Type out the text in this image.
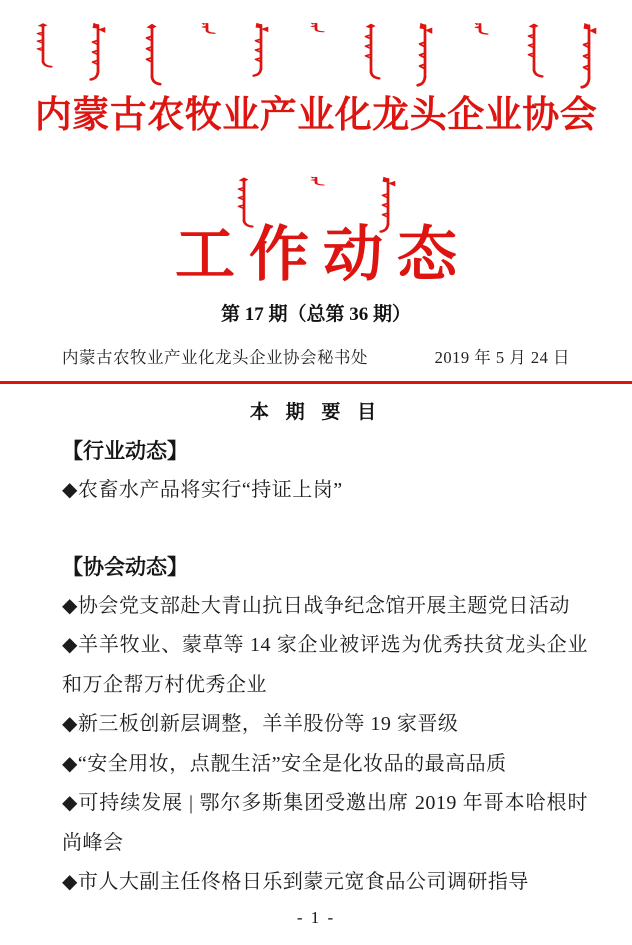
内蒙古农牧业产业化龙头企业协会
工作动态
第 17 期（总第 36 期）
内蒙古农牧业产业化龙头企业协会秘书处	2019 年 5 月 24 日
本 期 要 目
【行业动态】
◆农畜水产品将实行“持证上岗”
【协会动态】
◆协会党支部赴大青山抗日战争纪念馆开展主题党日活动
◆羊羊牧业、蒙草等 14 家企业被评选为优秀扶贫龙头企业和万企帮万村优秀企业
◆新三板创新层调整，羊羊股份等 19 家晋级
◆“安全用妆，点靓生活”安全是化妆品的最高品质
◆可持续发展 | 鄂尔多斯集团受邀出席 2019 年哥本哈根时尚峰会
◆市人大副主任佟格日乐到蒙元宽食品公司调研指导
- 1 -
